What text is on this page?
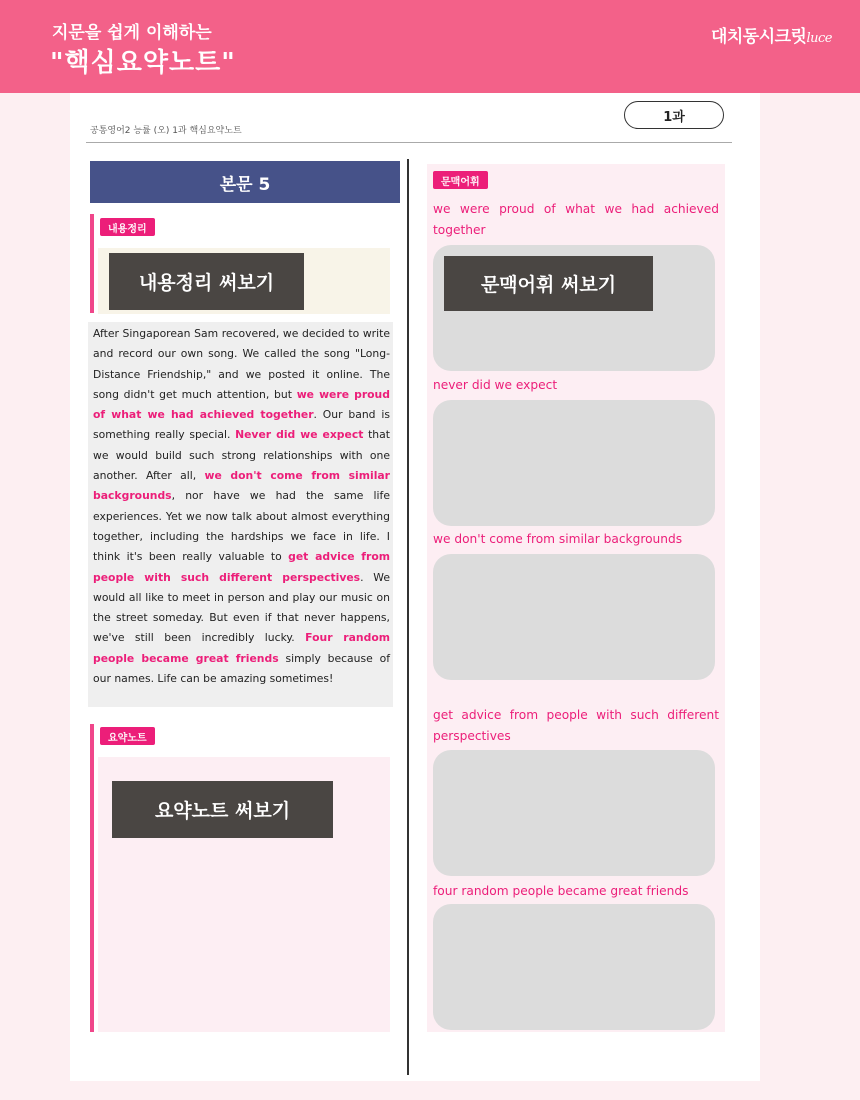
지문을 쉽게 이해하는
"핵심요약노트"
대치동시크릿luce
공통영어2 능률 (오) 1과 핵심요약노트
1과
본문 5
내용정리
내용정리 써보기
After Singaporean Sam recovered, we decided to write and record our own song. We called the song "Long-Distance Friendship," and we posted it online. The song didn't get much attention, but we were proud of what we had achieved together. Our band is something really special. Never did we expect that we would build such strong relationships with one another. After all, we don't come from similar backgrounds, nor have we had the same life experiences. Yet we now talk about almost everything together, including the hardships we face in life. I think it's been really valuable to get advice from people with such different perspectives. We would all like to meet in person and play our music on the street someday. But even if that never happens, we've still been incredibly lucky. Four random people became great friends simply because of our names. Life can be amazing sometimes!
요약노트
요약노트 써보기
문맥어휘
we were proud of what we had achieved together
문맥어휘 써보기
never did we expect
we don't come from similar backgrounds
get advice from people with such different perspectives
four random people became great friends
